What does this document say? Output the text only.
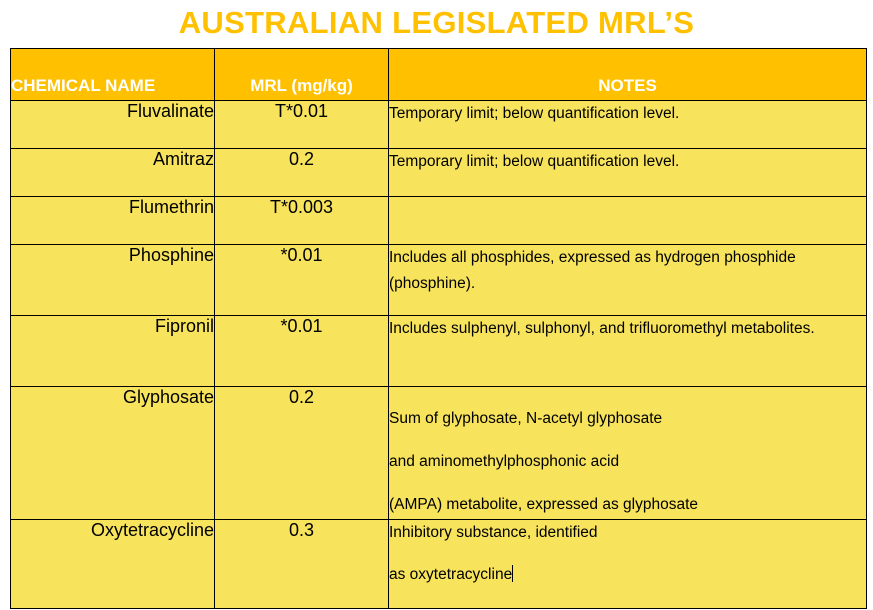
AUSTRALIAN LEGISLATED MRL’S
CHEMICAL NAME	MRL (mg/kg)	NOTES
Fluvalinate	T*0.01	Temporary limit; below quantification level.

Amitraz	0.2	Temporary limit; below quantification level.

Flumethrin	T*0.003	
Phosphine	*0.01	Includes all phosphides, expressed as hydrogen phosphide (phosphine).

Fipronil	*0.01	Includes sulphenyl, sulphonyl, and trifluoromethyl metabolites.

Glyphosate	0.2	Sum of glyphosate, N-acetyl glyphosate
and aminomethylphosphonic acid
(AMPA) metabolite, expressed as glyphosate

Oxytetracycline	0.3	Inhibitory substance, identified
as oxytetracycline
